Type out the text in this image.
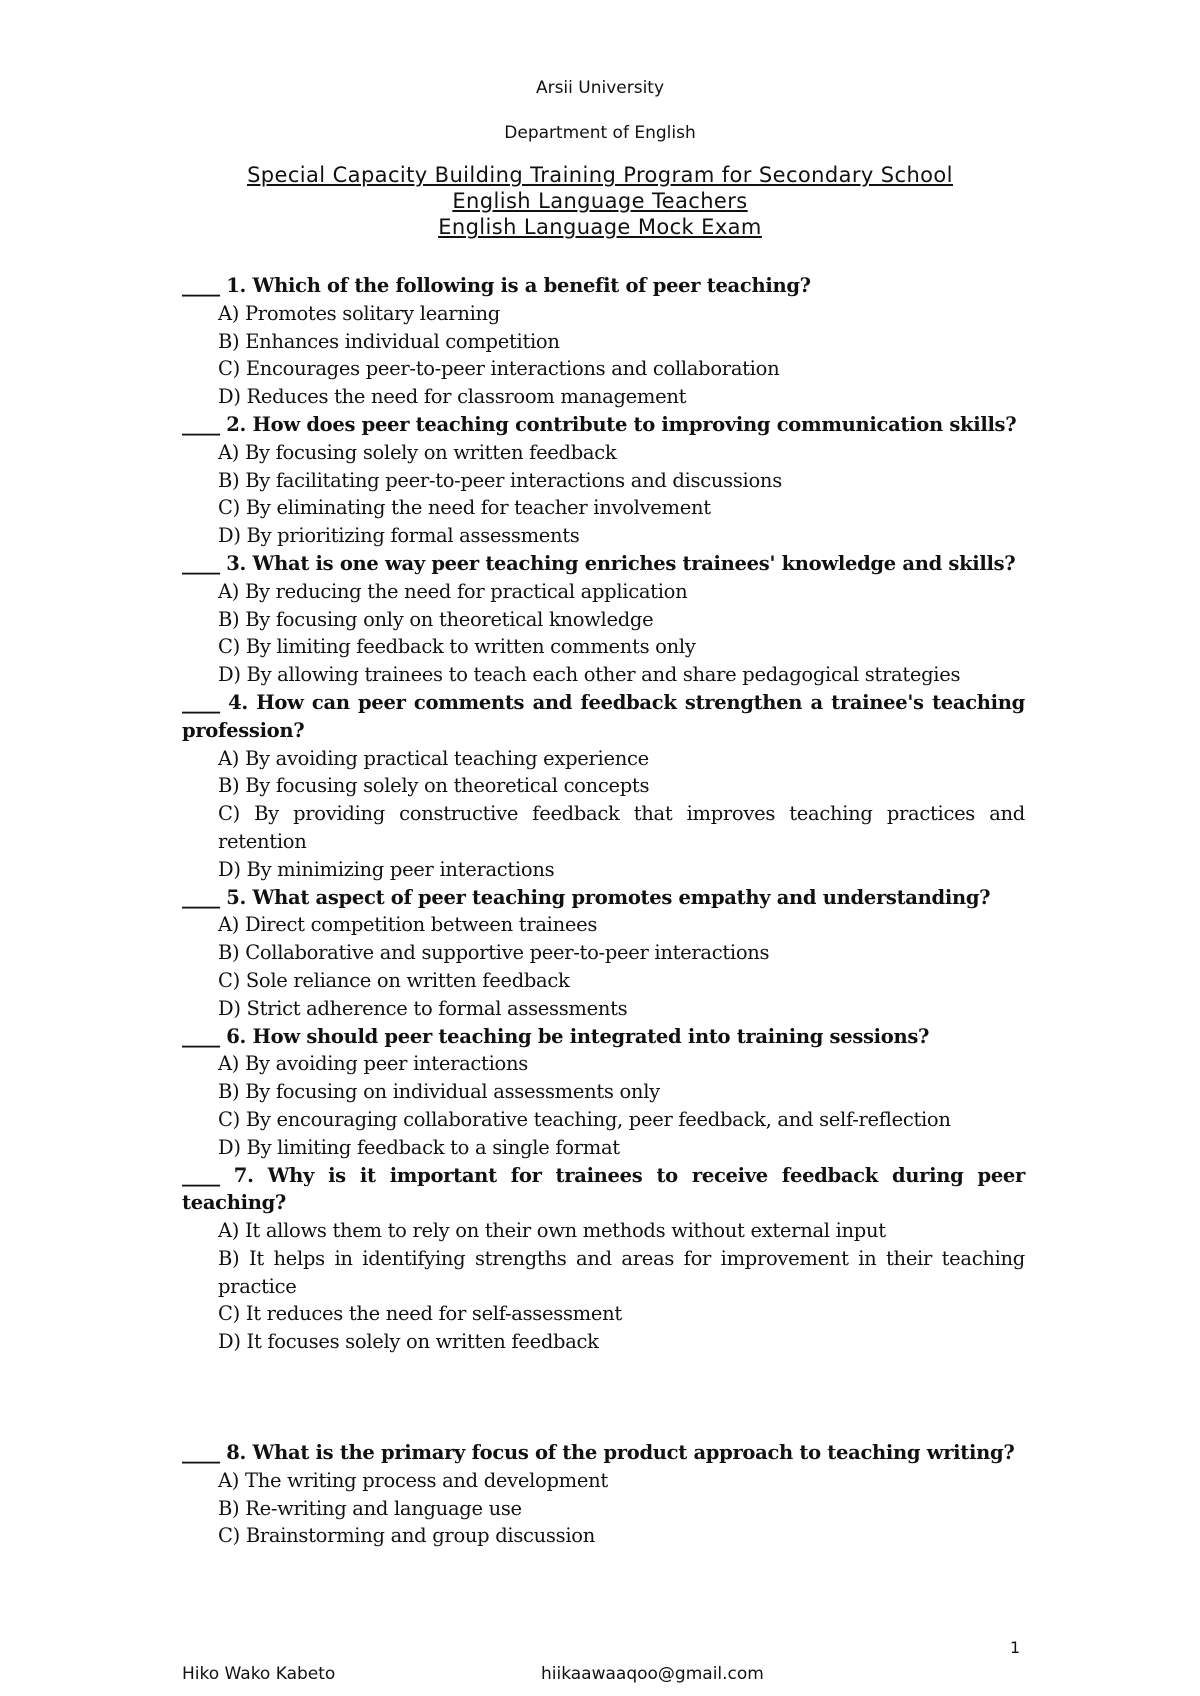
Arsii University
Department of English
Special Capacity Building Training Program for Secondary School
English Language Teachers
English Language Mock Exam
____ 1. Which of the following is a benefit of peer teaching?
A) Promotes solitary learning
B) Enhances individual competition
C) Encourages peer-to-peer interactions and collaboration
D) Reduces the need for classroom management
____ 2. How does peer teaching contribute to improving communication skills?
A) By focusing solely on written feedback
B) By facilitating peer-to-peer interactions and discussions
C) By eliminating the need for teacher involvement
D) By prioritizing formal assessments
____ 3. What is one way peer teaching enriches trainees' knowledge and skills?
A) By reducing the need for practical application
B) By focusing only on theoretical knowledge
C) By limiting feedback to written comments only
D) By allowing trainees to teach each other and share pedagogical strategies
____ 4. How can peer comments and feedback strengthen a trainee's teaching profession?
A) By avoiding practical teaching experience
B) By focusing solely on theoretical concepts
C) By providing constructive feedback that improves teaching practices and retention
D) By minimizing peer interactions
____ 5. What aspect of peer teaching promotes empathy and understanding?
A) Direct competition between trainees
B) Collaborative and supportive peer-to-peer interactions
C) Sole reliance on written feedback
D) Strict adherence to formal assessments
____ 6. How should peer teaching be integrated into training sessions?
A) By avoiding peer interactions
B) By focusing on individual assessments only
C) By encouraging collaborative teaching, peer feedback, and self-reflection
D) By limiting feedback to a single format
____ 7. Why is it important for trainees to receive feedback during peer teaching?
A) It allows them to rely on their own methods without external input
B) It helps in identifying strengths and areas for improvement in their teaching practice
C) It reduces the need for self-assessment
D) It focuses solely on written feedback
____ 8. What is the primary focus of the product approach to teaching writing?
A) The writing process and development
B) Re-writing and language use
C) Brainstorming and group discussion
1
Hiko Wako Kabeto	hiikaawaaqoo@gmail.com
